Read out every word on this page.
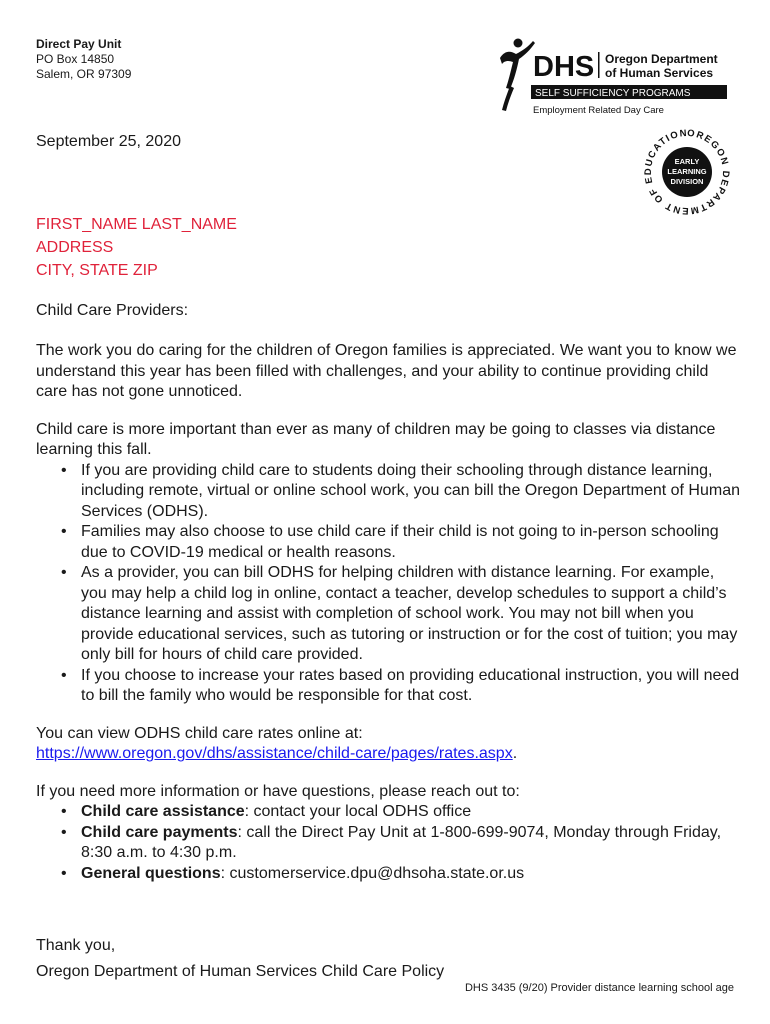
Direct Pay Unit
PO Box 14850
Salem, OR 97309	DHS Oregon Department
of Human Services
SELF SUFFICIENCY PROGRAMS
Employment Related Day Care
OREGON DEPARTMENT OF EDUCATION
EARLY
LEARNING
DIVISION
September 25, 2020
FIRST_NAME LAST_NAME
ADDRESS
CITY, STATE ZIP
Child Care Providers:

The work you do caring for the children of Oregon families is appreciated. We want you to know we understand this year has been filled with challenges, and your ability to continue providing child care has not gone unnoticed.

Child care is more important than ever as many of children may be going to classes via distance learning this fall.

• If you are providing child care to students doing their schooling through distance learning, including remote, virtual or online school work, you can bill the Oregon Department of Human Services (ODHS).
• Families may also choose to use child care if their child is not going to in-person schooling due to COVID-19 medical or health reasons.
• As a provider, you can bill ODHS for helping children with distance learning. For example, you may help a child log in online, contact a teacher, develop schedules to support a child’s distance learning and assist with completion of school work. You may not bill when you provide educational services, such as tutoring or instruction or for the cost of tuition; you may only bill for hours of child care provided.
• If you choose to increase your rates based on providing educational instruction, you will need to bill the family who would be responsible for that cost.

You can view ODHS child care rates online at:
https://www.oregon.gov/dhs/assistance/child-care/pages/rates.aspx.

If you need more information or have questions, please reach out to:

• Child care assistance: contact your local ODHS office
• Child care payments: call the Direct Pay Unit at 1-800-699-9074, Monday through Friday, 8:30 a.m. to 4:30 p.m.
• General questions: customerservice.dpu@dhsoha.state.or.us
Thank you,
Oregon Department of Human Services Child Care Policy
DHS 3435 (9/20) Provider distance learning school age
